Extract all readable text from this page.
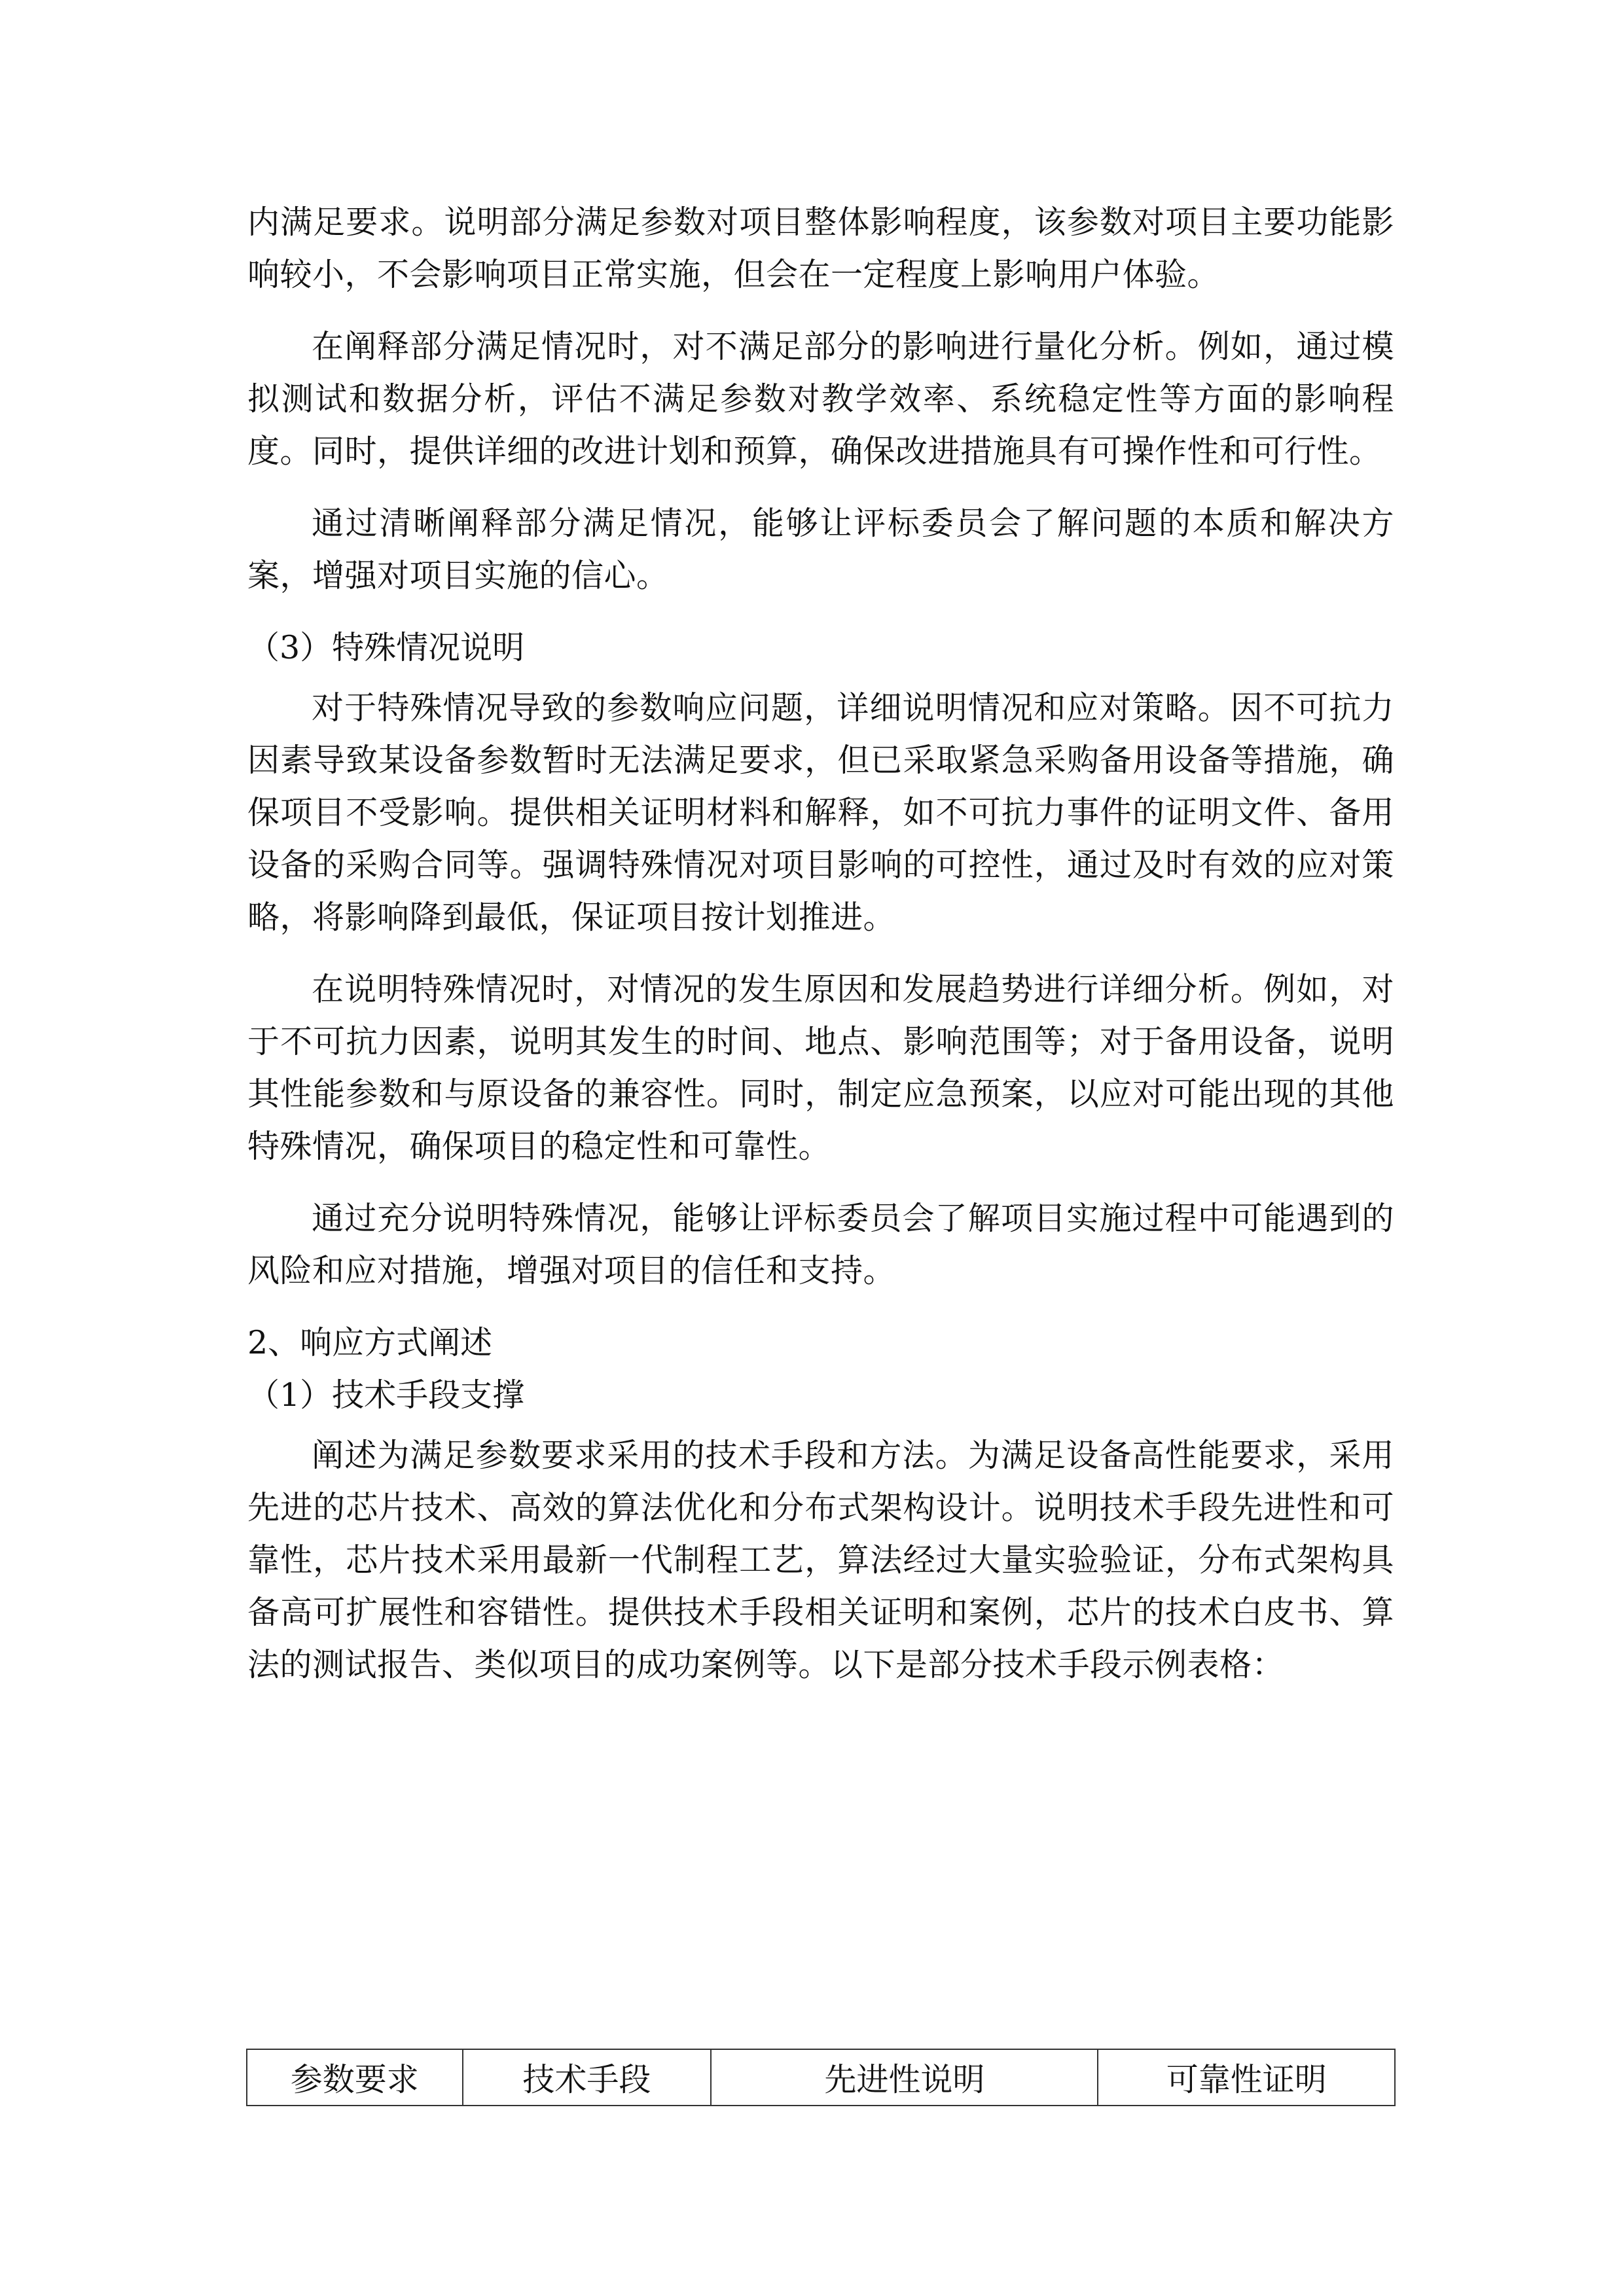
内满足要求。说明部分满足参数对项目整体影响程度，该参数对项目主要功能影响较小，不会影响项目正常实施，但会在一定程度上影响用户体验。

在阐释部分满足情况时，对不满足部分的影响进行量化分析。例如，通过模拟测试和数据分析，评估不满足参数对教学效率、系统稳定性等方面的影响程度。同时，提供详细的改进计划和预算，确保改进措施具有可操作性和可行性。

通过清晰阐释部分满足情况，能够让评标委员会了解问题的本质和解决方案，增强对项目实施的信心。

（3）特殊情况说明

对于特殊情况导致的参数响应问题，详细说明情况和应对策略。因不可抗力因素导致某设备参数暂时无法满足要求，但已采取紧急采购备用设备等措施，确保项目不受影响。提供相关证明材料和解释，如不可抗力事件的证明文件、备用设备的采购合同等。强调特殊情况对项目影响的可控性，通过及时有效的应对策略，将影响降到最低，保证项目按计划推进。

在说明特殊情况时，对情况的发生原因和发展趋势进行详细分析。例如，对于不可抗力因素，说明其发生的时间、地点、影响范围等；对于备用设备，说明其性能参数和与原设备的兼容性。同时，制定应急预案，以应对可能出现的其他特殊情况，确保项目的稳定性和可靠性。

通过充分说明特殊情况，能够让评标委员会了解项目实施过程中可能遇到的风险和应对措施，增强对项目的信任和支持。

2、响应方式阐述

（1）技术手段支撑

阐述为满足参数要求采用的技术手段和方法。为满足设备高性能要求，采用先进的芯片技术、高效的算法优化和分布式架构设计。说明技术手段先进性和可靠性，芯片技术采用最新一代制程工艺，算法经过大量实验验证，分布式架构具备高可扩展性和容错性。提供技术手段相关证明和案例，芯片的技术白皮书、算法的测试报告、类似项目的成功案例等。以下是部分技术手段示例表格：

参数要求	技术手段	先进性说明	可靠性证明
